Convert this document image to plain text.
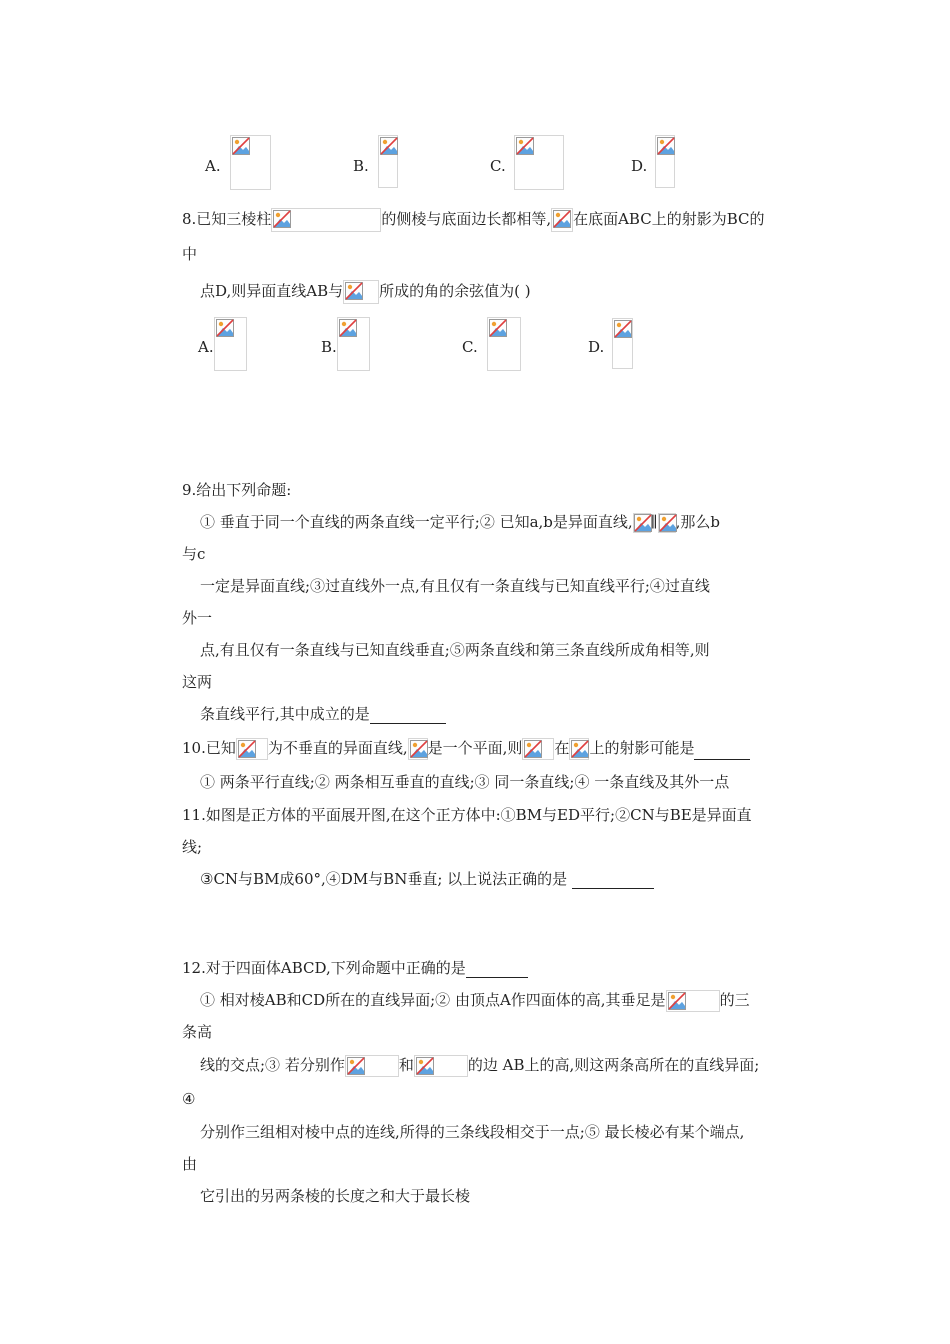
A.	B.	C.	D.
8.已知三棱柱	的侧棱与底面边长都相等, 在底面ABC上的射影为BC的
中
点D,则异面直线AB与 所成的角的余弦值为( )
A.	B.	C.	D.
9.给出下列命题:
① 垂直于同一个直线的两条直线一定平行;② 已知a,b是异面直线, ∥ ,那么b
与c
一定是异面直线;③过直线外一点,有且仅有一条直线与已知直线平行;④过直线
外一
点,有且仅有一条直线与已知直线垂直;⑤两条直线和第三条直线所成角相等,则
这两
条直线平行,其中成立的是
10.已知 为不垂直的异面直线, 是一个平面,则 在 上的射影可能是
① 两条平行直线;② 两条相互垂直的直线;③ 同一条直线;④ 一条直线及其外一点
11.如图是正方体的平面展开图,在这个正方体中:①BM与ED平行;②CN与BE是异面直
线;
③CN与BM成60°,④DM与BN垂直; 以上说法正确的是
12.对于四面体ABCD,下列命题中正确的是
① 相对棱AB和CD所在的直线异面;② 由顶点A作四面体的高,其垂足是	的三
条高
线的交点;③ 若分别作	和	的边 AB上的高,则这两条高所在的直线异面;
④
分别作三组相对棱中点的连线,所得的三条线段相交于一点;⑤ 最长棱必有某个端点,
由
它引出的另两条棱的长度之和大于最长棱
